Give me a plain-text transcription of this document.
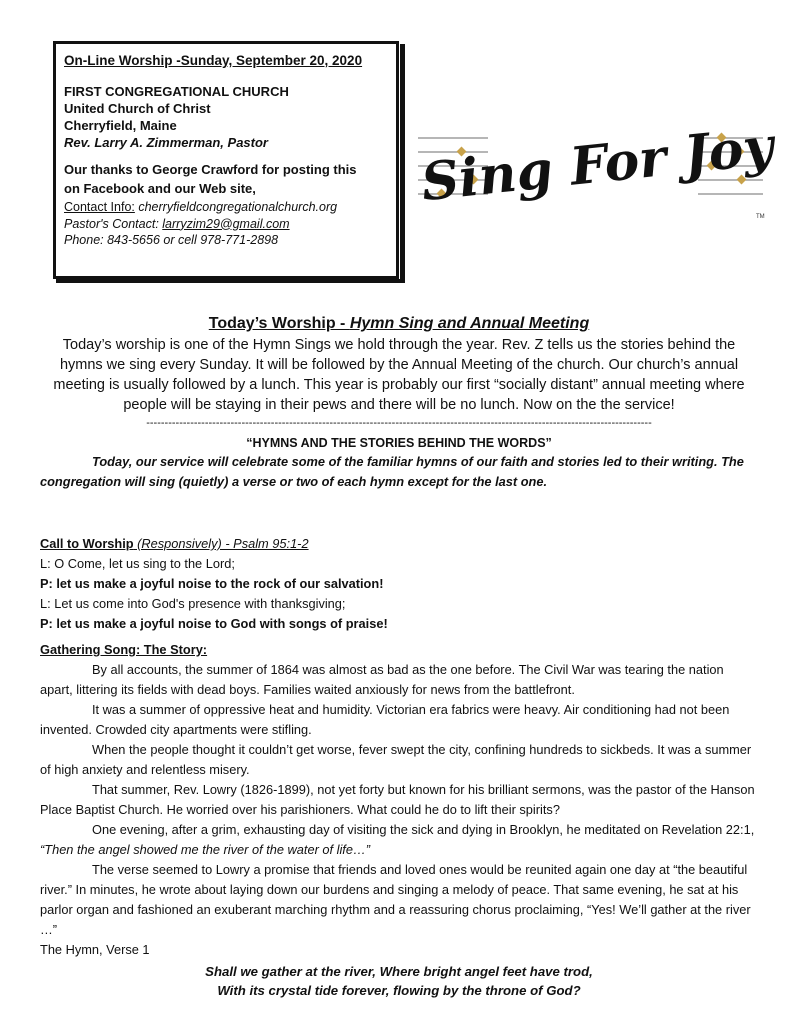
On-Line Worship -Sunday, September 20, 2020
FIRST CONGREGATIONAL CHURCH
United Church of Christ
Cherryfield, Maine
Rev. Larry A. Zimmerman, Pastor
Our thanks to George Crawford for posting this
on Facebook and our Web site,
Contact Info: cherryfieldcongregationalchurch.org
Pastor's Contact: larryzim29@gmail.com
Phone: 843-5656 or cell 978-771-2898
Sing For Joy
TM
Today’s Worship - Hymn Sing and Annual Meeting

Today’s worship is one of the Hymn Sings we hold through the year. Rev. Z tells us the stories behind the hymns we sing every Sunday. It will be followed by the Annual Meeting of the church. Our church’s annual meeting is usually followed by a lunch. This year is probably our first “socially distant” annual meeting where people will be staying in their pews and there will be no lunch. Now on the the service!

------------------------------------------------------------------------------------------------------------------------------------------
“HYMNS AND THE STORIES BEHIND THE WORDS”

Today, our service will celebrate some of the familiar hymns of our faith and stories led to their writing. The congregation will sing (quietly) a verse or two of each hymn except for the last one.

Call to Worship (Responsively) - Psalm 95:1-2

L: O Come, let us sing to the Lord;

P: let us make a joyful noise to the rock of our salvation!

L: Let us come into God's presence with thanksgiving;

P: let us make a joyful noise to God with songs of praise!

Gathering Song: The Story:

By all accounts, the summer of 1864 was almost as bad as the one before. The Civil War was tearing the nation apart, littering its fields with dead boys. Families waited anxiously for news from the battlefront.

It was a summer of oppressive heat and humidity. Victorian era fabrics were heavy. Air conditioning had not been invented. Crowded city apartments were stifling.

When the people thought it couldn’t get worse, fever swept the city, confining hundreds to sickbeds. It was a summer of high anxiety and relentless misery.

That summer, Rev. Lowry (1826-1899), not yet forty but known for his brilliant sermons, was the pastor of the Hanson Place Baptist Church. He worried over his parishioners. What could he do to lift their spirits?

One evening, after a grim, exhausting day of visiting the sick and dying in Brooklyn, he meditated on Revelation 22:1, “Then the angel showed me the river of the water of life…”

The verse seemed to Lowry a promise that friends and loved ones would be reunited again one day at “the beautiful river.” In minutes, he wrote about laying down our burdens and singing a melody of peace. That same evening, he sat at his parlor organ and fashioned an exuberant marching rhythm and a reassuring chorus proclaiming, “Yes! We’ll gather at the river …”

The Hymn, Verse 1

Shall we gather at the river, Where bright angel feet have trod,
With its crystal tide forever, flowing by the throne of God?
